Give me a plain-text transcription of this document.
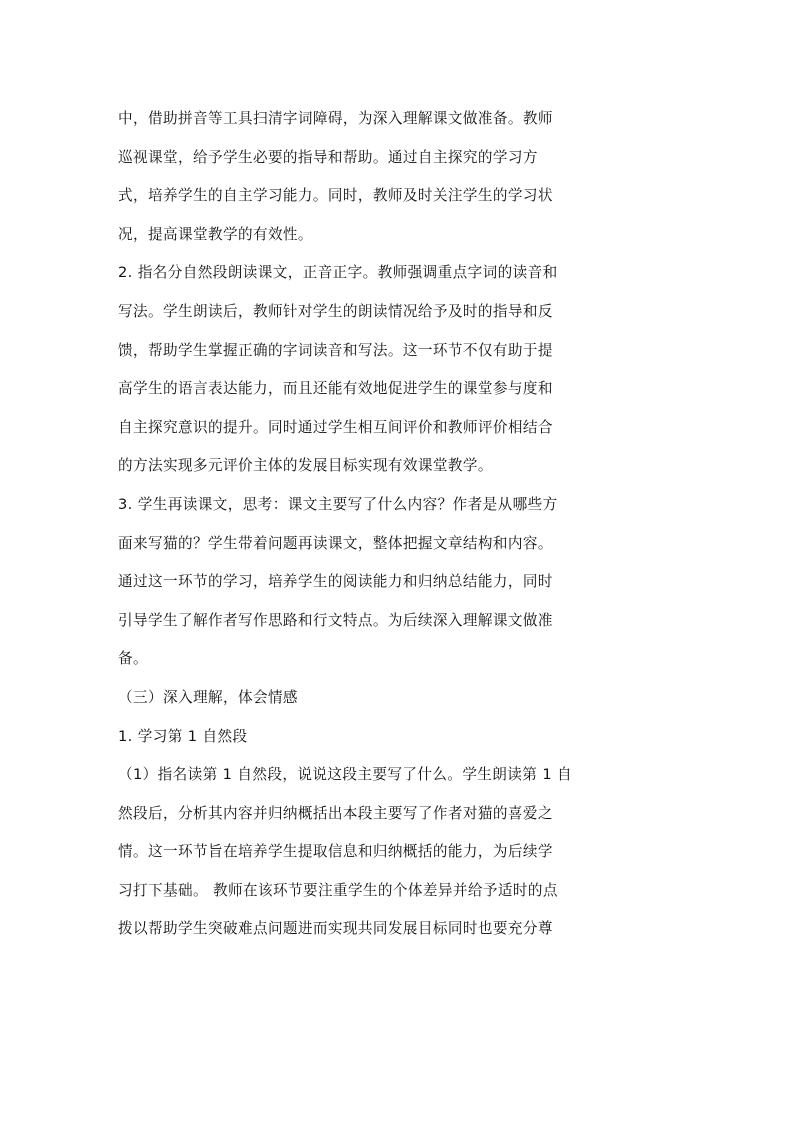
中，借助拼音等工具扫清字词障碍，为深入理解课文做准备。教师
巡视课堂，给予学生必要的指导和帮助。通过自主探究的学习方
式，培养学生的自主学习能力。同时，教师及时关注学生的学习状
况，提高课堂教学的有效性。
2. 指名分自然段朗读课文，正音正字。教师强调重点字词的读音和
写法。学生朗读后，教师针对学生的朗读情况给予及时的指导和反
馈，帮助学生掌握正确的字词读音和写法。这一环节不仅有助于提
高学生的语言表达能力，而且还能有效地促进学生的课堂参与度和
自主探究意识的提升。同时通过学生相互间评价和教师评价相结合
的方法实现多元评价主体的发展目标实现有效课堂教学。
3. 学生再读课文，思考：课文主要写了什么内容？作者是从哪些方
面来写猫的？学生带着问题再读课文，整体把握文章结构和内容。
通过这一环节的学习，培养学生的阅读能力和归纳总结能力，同时
引导学生了解作者写作思路和行文特点。为后续深入理解课文做准
备。
（三）深入理解，体会情感
1. 学习第 1 自然段
（1）指名读第 1 自然段，说说这段主要写了什么。学生朗读第 1 自
然段后，分析其内容并归纳概括出本段主要写了作者对猫的喜爱之
情。这一环节旨在培养学生提取信息和归纳概括的能力，为后续学
习打下基础。 教师在该环节要注重学生的个体差异并给予适时的点
拨以帮助学生突破难点问题进而实现共同发展目标同时也要充分尊
